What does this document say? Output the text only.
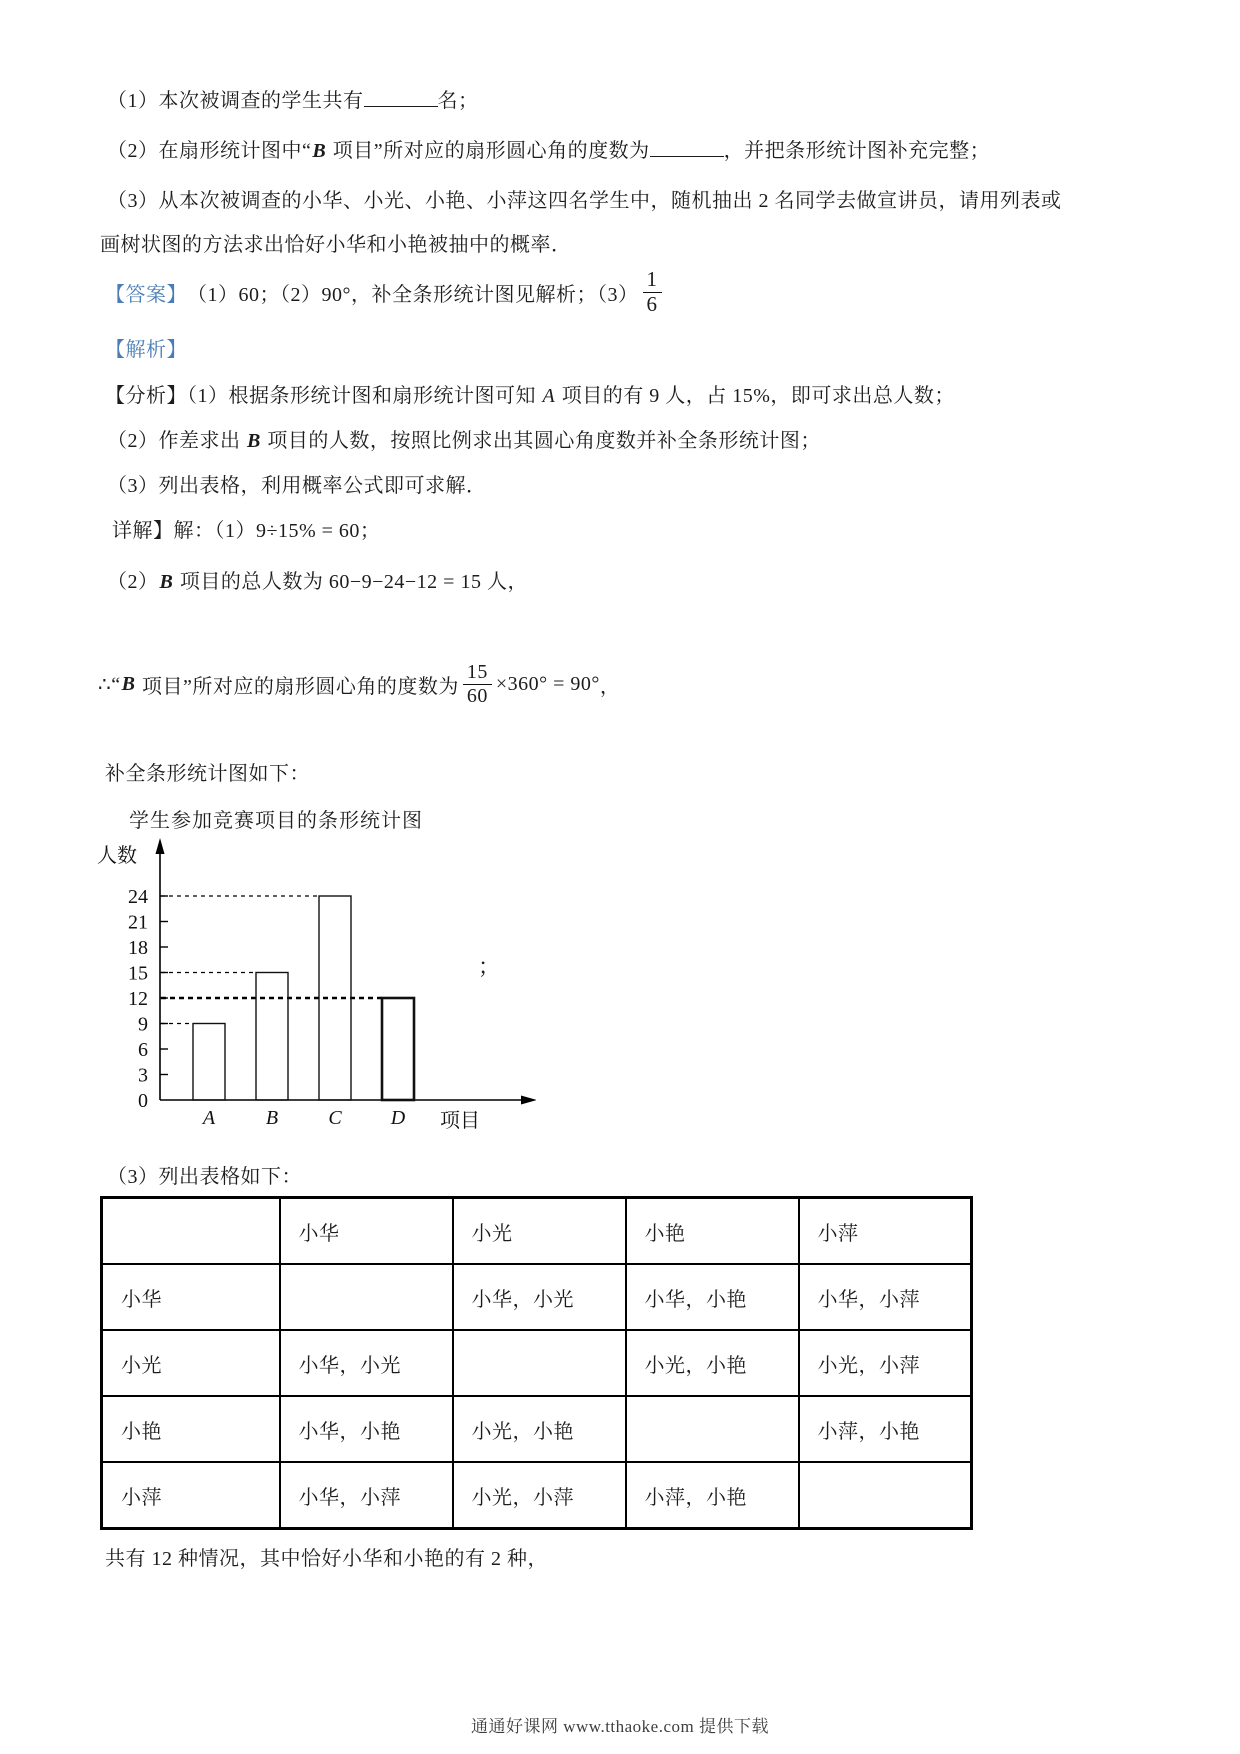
（1）本次被调查的学生共有	名；
（2）在扇形统计图中“B 项目”所对应的扇形圆心角的度数为	，并把条形统计图补充完整；
（3）从本次被调查的小华、小光、小艳、小萍这四名学生中，随机抽出 2 名同学去做宣讲员，请用列表或
画树状图的方法求出恰好小华和小艳被抽中的概率．
【答案】 （1）60；（2）90°，补全条形统计图见解析；$(3) \frac{1}{6}$
【解析】
【分析】（1）根据条形统计图和扇形统计图可知 A 项目的有 9 人，占 15%，即可求出总人数；
（2）作差求出 B 项目的人数，按照比例求出其圆心角度数并补全条形统计图；
（3）列出表格，利用概率公式即可求解．
详解】解：（1）9÷15% = 60；
（2）B 项目的总人数为 60−9−24−12 = 15 人，
∴“ B 项目”所对应的扇形圆心角的度数为 $\frac{15}{60} \times 360^\circ = 90^\circ$ ，
补全条形统计图如下：
学生参加竞赛项目的条形统计图
0
3
6
9
12
15
18
21
24
A	B	C D
人数
项目
；
（3）列出表格如下：
	小华	小光	小艳	小萍
小华		小华，小光	小华，小艳	小华，小萍
小光	小华，小光		小光，小艳	小光，小萍
小艳	小华，小艳	小光，小艳		小萍，小艳
小萍	小华，小萍	小光，小萍	小萍，小艳	
共有 12 种情况，其中恰好小华和小艳的有 2 种，
通通好课网 www.tthaoke.com 提供下载
